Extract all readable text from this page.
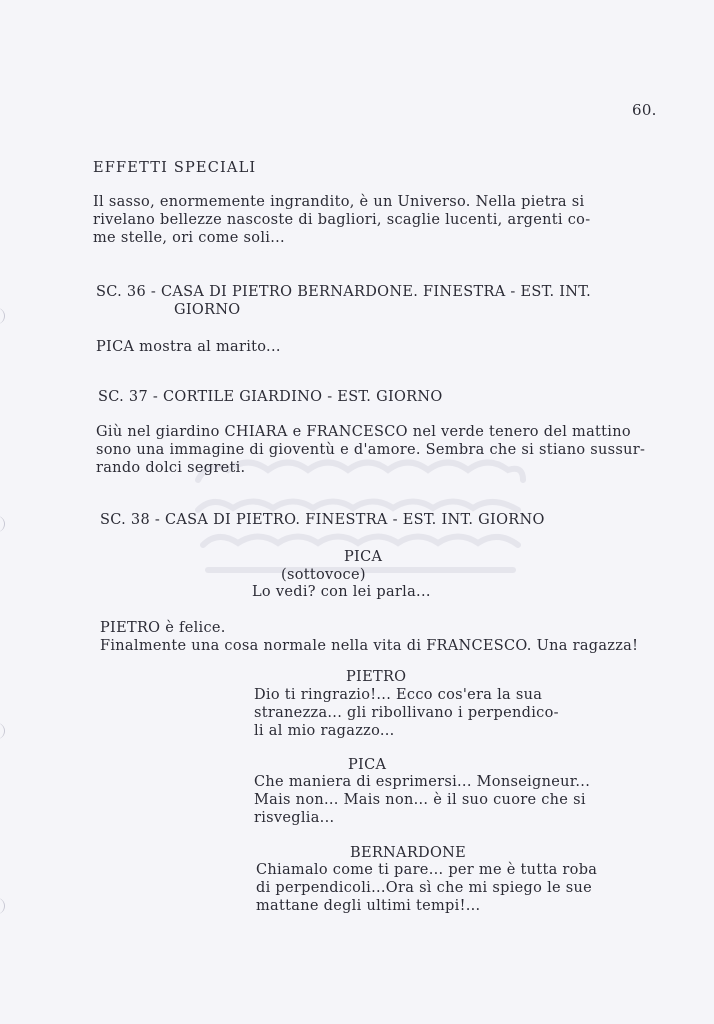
60.
EFFETTI SPECIALI
Il sasso, enormemente ingrandito, è un Universo. Nella pietra si
rivelano bellezze nascoste di bagliori, scaglie lucenti, argenti co-
me stelle, ori come soli...
SC. 36 - CASA DI PIETRO BERNARDONE. FINESTRA - EST. INT.
GIORNO
PICA mostra al marito...
SC. 37 - CORTILE GIARDINO - EST. GIORNO
Giù nel giardino CHIARA e FRANCESCO nel verde tenero del mattino
sono una immagine di gioventù e d'amore. Sembra che si stiano sussur-
rando dolci segreti.
SC. 38 - CASA DI PIETRO. FINESTRA - EST. INT. GIORNO
PICA
(sottovoce)
Lo vedi? con lei parla...
PIETRO è felice.
Finalmente una cosa normale nella vita di FRANCESCO. Una ragazza!
PIETRO
Dio ti ringrazio!... Ecco cos'era la sua
stranezza... gli ribollivano i perpendico-
li al mio ragazzo...
PICA
Che maniera di esprimersi... Monseigneur...
Mais non... Mais non... è il suo cuore che si
risveglia...
BERNARDONE
Chiamalo come ti pare... per me è tutta roba
di perpendicoli...Ora sì che mi spiego le sue
mattane degli ultimi tempi!...
